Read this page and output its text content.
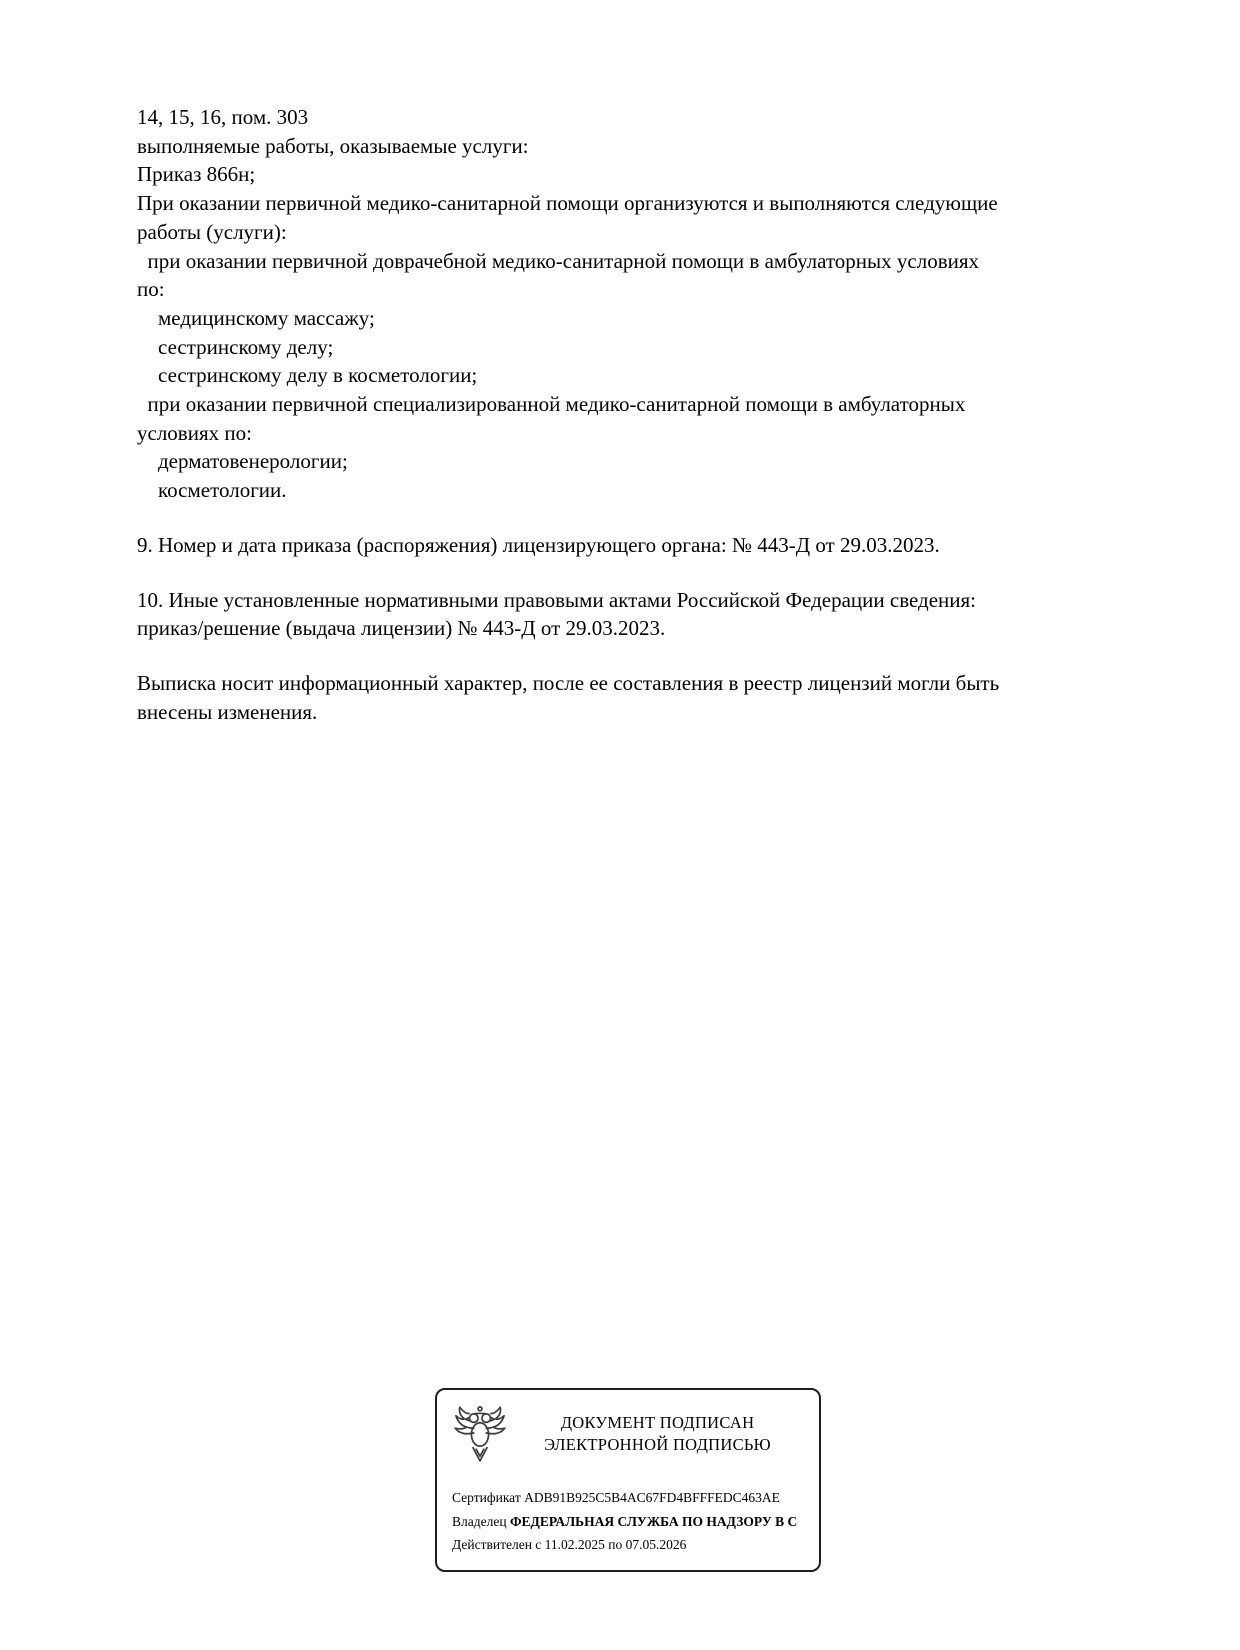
14, 15, 16, пом. 303
выполняемые работы, оказываемые услуги:
Приказ 866н;
При оказании первичной медико-санитарной помощи организуются и выполняются следующие
работы (услуги):
при оказании первичной доврачебной медико-санитарной помощи в амбулаторных условиях
по:
медицинскому массажу;
сестринскому делу;
сестринскому делу в косметологии;
при оказании первичной специализированной медико-санитарной помощи в амбулаторных
условиях по:
дерматовенерологии;
косметологии.
9. Номер и дата приказа (распоряжения) лицензирующего органа: № 443-Д от 29.03.2023.
10. Иные установленные нормативными правовыми актами Российской Федерации сведения:
приказ/решение (выдача лицензии) № 443-Д от 29.03.2023.
Выписка носит информационный характер, после ее составления в реестр лицензий могли быть
внесены изменения.
ДОКУМЕНТ ПОДПИСАН
ЭЛЕКТРОННОЙ ПОДПИСЬЮ
Сертификат ADB91B925C5B4AC67FD4BFFFEDC463AE
Владелец ФЕДЕРАЛЬНАЯ СЛУЖБА ПО НАДЗОРУ В С
Действителен с 11.02.2025 по 07.05.2026
